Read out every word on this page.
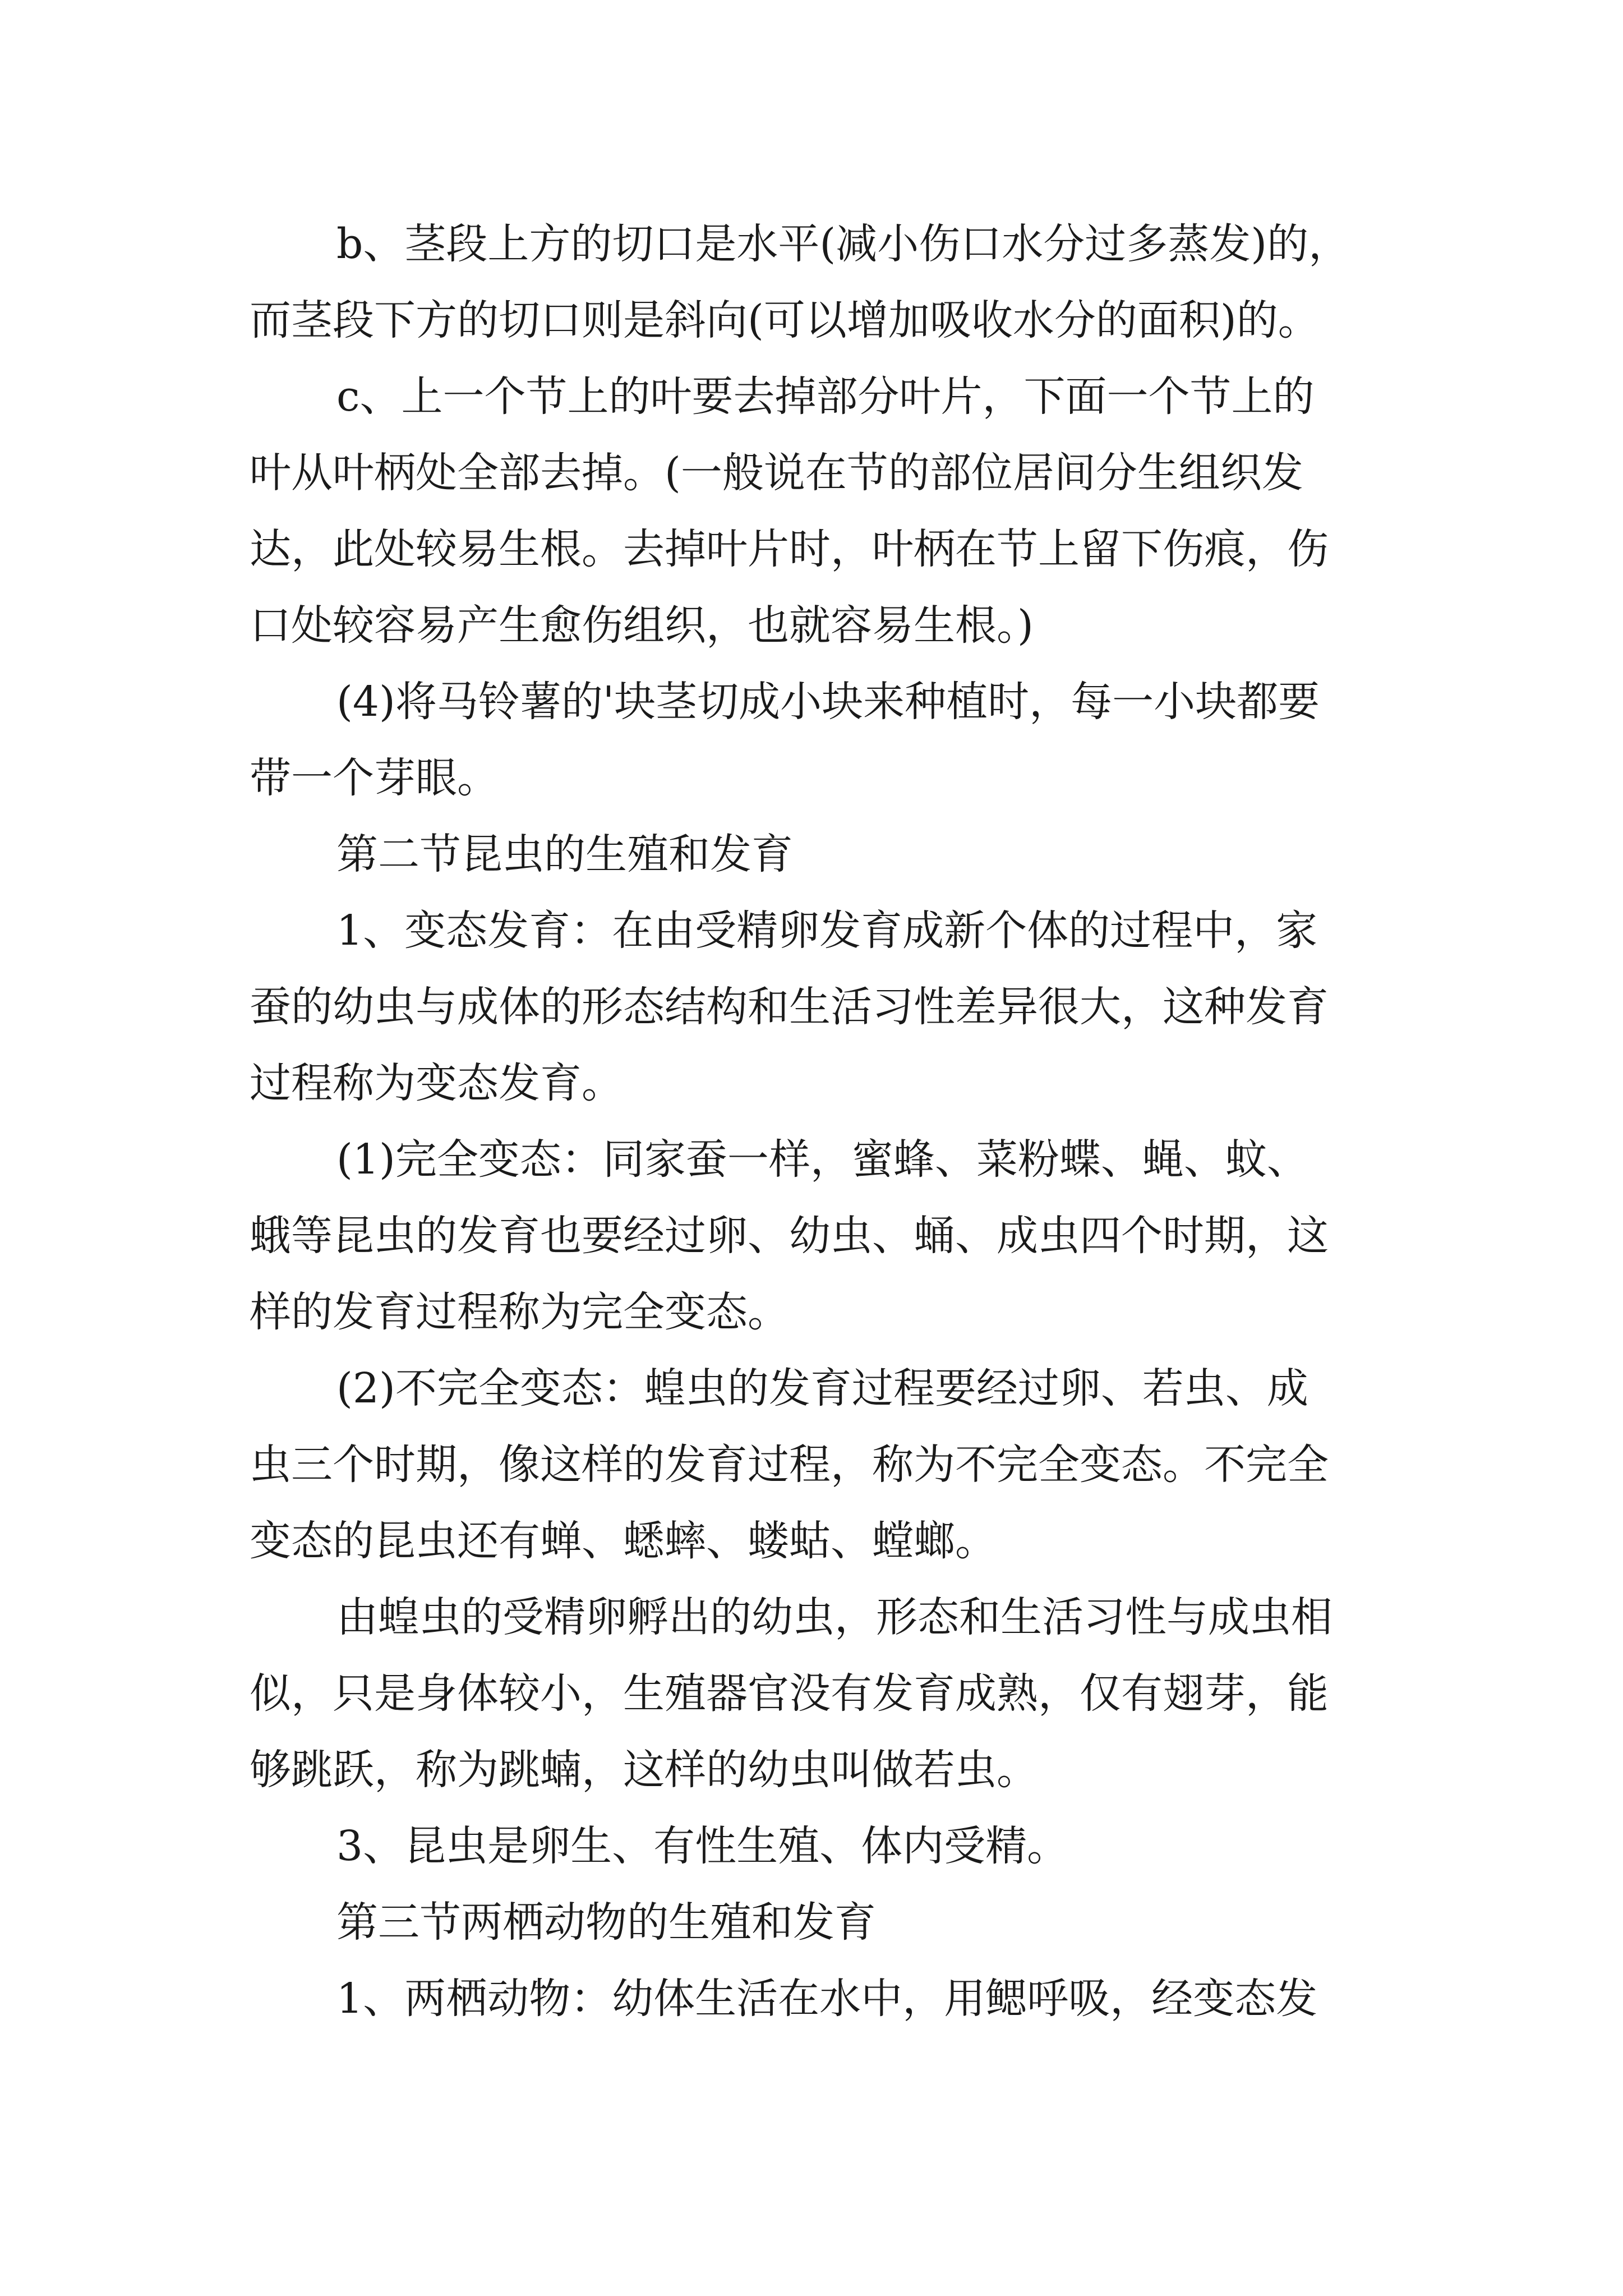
b、茎段上方的切口是水平(减小伤口水分过多蒸发)的，

而茎段下方的切口则是斜向(可以增加吸收水分的面积)的。

c、上一个节上的叶要去掉部分叶片，下面一个节上的

叶从叶柄处全部去掉。(一般说在节的部位居间分生组织发

达，此处较易生根。去掉叶片时，叶柄在节上留下伤痕，伤

口处较容易产生愈伤组织，也就容易生根。)

(4)将马铃薯的'块茎切成小块来种植时，每一小块都要

带一个芽眼。

第二节昆虫的生殖和发育

1、变态发育：在由受精卵发育成新个体的过程中，家

蚕的幼虫与成体的形态结构和生活习性差异很大，这种发育

过程称为变态发育。

(1)完全变态：同家蚕一样，蜜蜂、菜粉蝶、蝇、蚊、

蛾等昆虫的发育也要经过卵、幼虫、蛹、成虫四个时期，这

样的发育过程称为完全变态。

(2)不完全变态：蝗虫的发育过程要经过卵、若虫、成

虫三个时期，像这样的发育过程，称为不完全变态。不完全

变态的昆虫还有蝉、蟋蟀、蝼蛄、螳螂。

由蝗虫的受精卵孵出的幼虫，形态和生活习性与成虫相

似，只是身体较小，生殖器官没有发育成熟，仅有翅芽，能

够跳跃，称为跳蝻，这样的幼虫叫做若虫。

3、昆虫是卵生、有性生殖、体内受精。

第三节两栖动物的生殖和发育

1、两栖动物：幼体生活在水中，用鳃呼吸，经变态发
